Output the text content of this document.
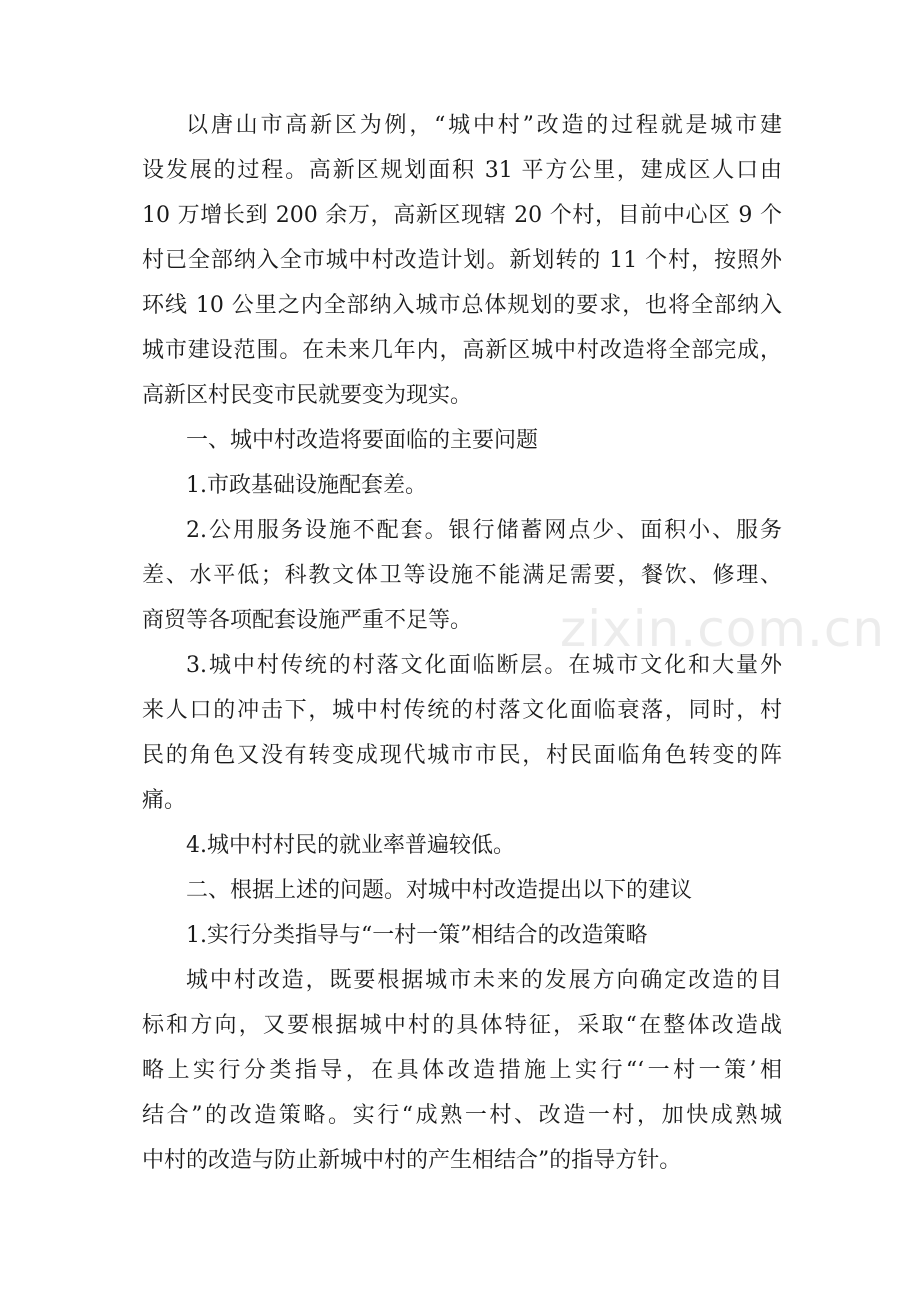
zixin.com.cn
以唐山市高新区为例，“城中村”改造的过程就是城市建
设发展的过程。高新区规划面积 31 平方公里，建成区人口由
10 万增长到 200 余万，高新区现辖 20 个村，目前中心区 9 个
村已全部纳入全市城中村改造计划。新划转的 11 个村，按照外
环线 10 公里之内全部纳入城市总体规划的要求，也将全部纳入
城市建设范围。在未来几年内，高新区城中村改造将全部完成，
高新区村民变市民就要变为现实。
一、城中村改造将要面临的主要问题
1.市政基础设施配套差。
2.公用服务设施不配套。银行储蓄网点少、面积小、服务
差、水平低；科教文体卫等设施不能满足需要，餐饮、修理、
商贸等各项配套设施严重不足等。
3.城中村传统的村落文化面临断层。在城市文化和大量外
来人口的冲击下，城中村传统的村落文化面临衰落，同时，村
民的角色又没有转变成现代城市市民，村民面临角色转变的阵
痛。
4.城中村村民的就业率普遍较低。
二、根据上述的问题。对城中村改造提出以下的建议
1.实行分类指导与“一村一策”相结合的改造策略
城中村改造，既要根据城市未来的发展方向确定改造的目
标和方向，又要根据城中村的具体特征，采取“在整体改造战
略上实行分类指导，在具体改造措施上实行“‘一村一策’相
结合”的改造策略。实行“成熟一村、改造一村，加快成熟城
中村的改造与防止新城中村的产生相结合”的指导方针。
